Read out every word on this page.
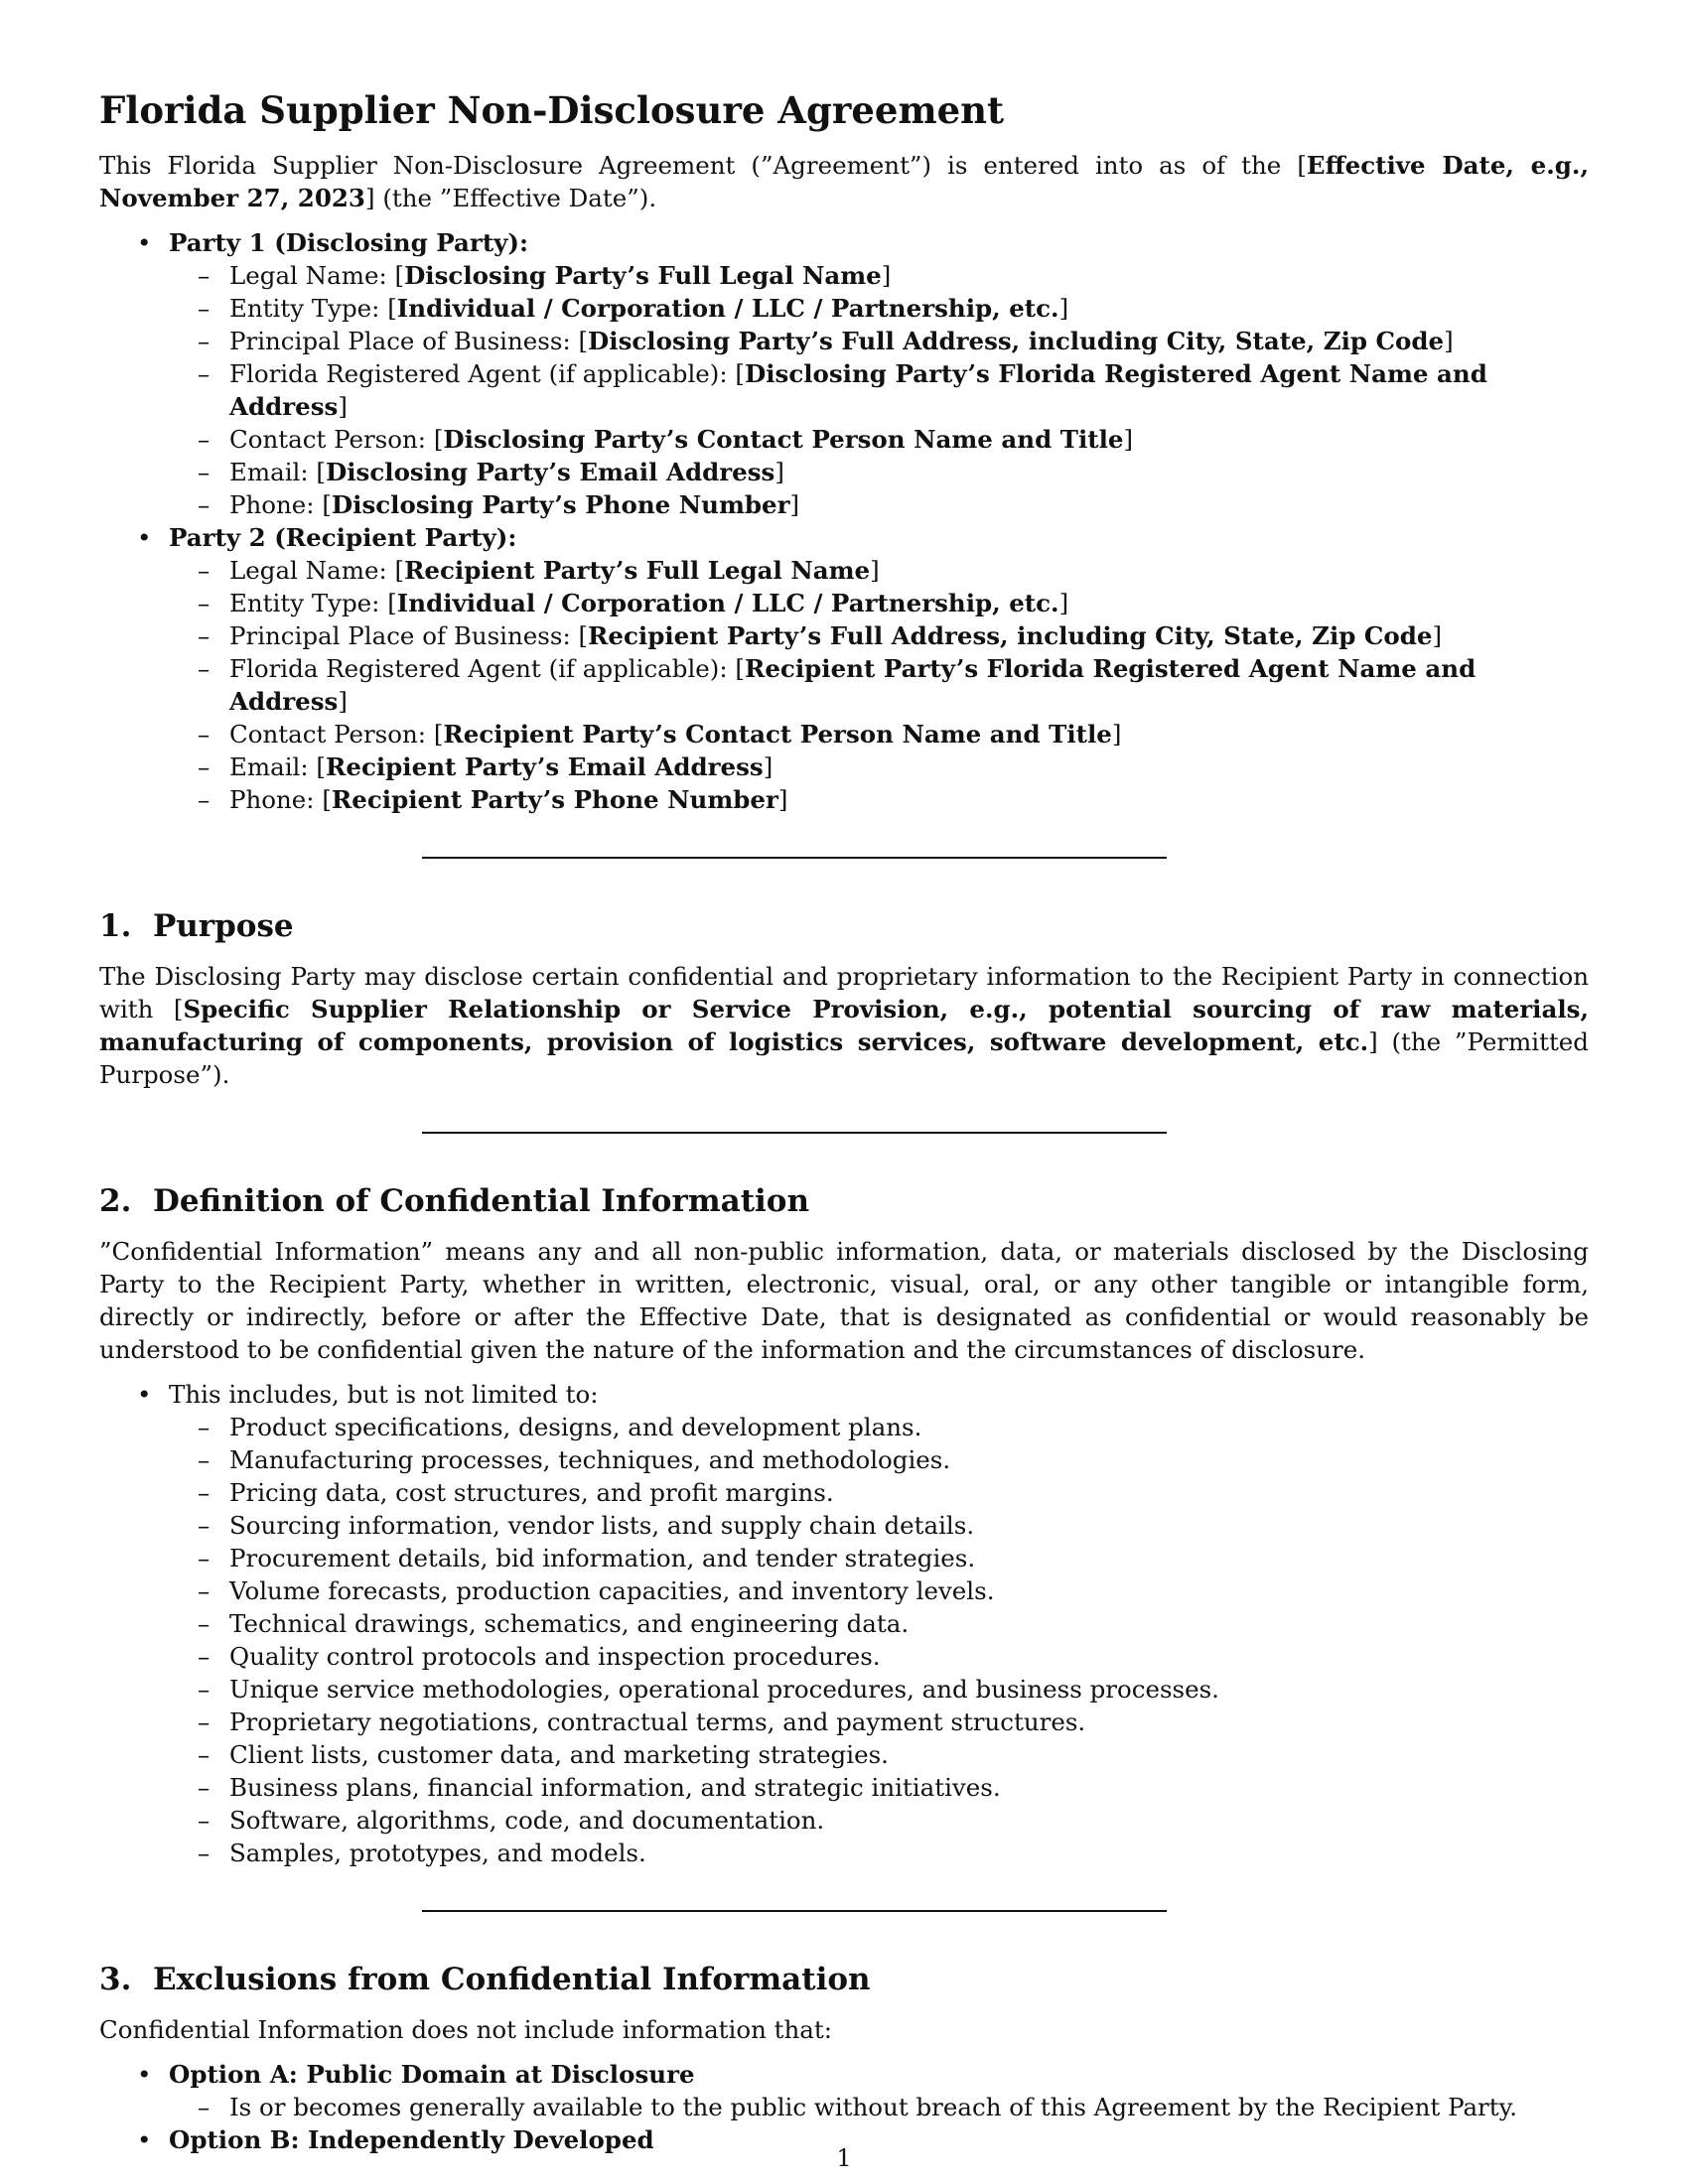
Florida Supplier Non-Disclosure Agreement

This Florida Supplier Non-Disclosure Agreement (”Agreement”) is entered into as of the [Effective Date, e.g., November 27, 2023] (the ”Effective Date”).

• Party 1 (Disclosing Party):
– Legal Name: [Disclosing Party’s Full Legal Name]
– Entity Type: [Individual / Corporation / LLC / Partnership, etc.]
– Principal Place of Business: [Disclosing Party’s Full Address, including City, State, Zip Code]
– Florida Registered Agent (if applicable): [Disclosing Party’s Florida Registered Agent Name and Address]
– Contact Person: [Disclosing Party’s Contact Person Name and Title]
– Email: [Disclosing Party’s Email Address]
– Phone: [Disclosing Party’s Phone Number]
• Party 2 (Recipient Party):
– Legal Name: [Recipient Party’s Full Legal Name]
– Entity Type: [Individual / Corporation / LLC / Partnership, etc.]
– Principal Place of Business: [Recipient Party’s Full Address, including City, State, Zip Code]
– Florida Registered Agent (if applicable): [Recipient Party’s Florida Registered Agent Name and Address]
– Contact Person: [Recipient Party’s Contact Person Name and Title]
– Email: [Recipient Party’s Email Address]
– Phone: [Recipient Party’s Phone Number]
1.  Purpose

The Disclosing Party may disclose certain confidential and proprietary information to the Recipient Party in connection with [Specific Supplier Relationship or Service Provision, e.g., potential sourcing of raw materials, manufacturing of components, provision of logistics services, software development, etc.] (the ”Permitted Purpose”).

2.  Definition of Confidential Information

”Confidential Information” means any and all non-public information, data, or materials disclosed by the Disclosing Party to the Recipient Party, whether in written, electronic, visual, oral, or any other tangible or intangible form, directly or indirectly, before or after the Effective Date, that is designated as confidential or would reasonably be understood to be confidential given the nature of the information and the circumstances of disclosure.

• This includes, but is not limited to:
– Product specifications, designs, and development plans.
– Manufacturing processes, techniques, and methodologies.
– Pricing data, cost structures, and profit margins.
– Sourcing information, vendor lists, and supply chain details.
– Procurement details, bid information, and tender strategies.
– Volume forecasts, production capacities, and inventory levels.
– Technical drawings, schematics, and engineering data.
– Quality control protocols and inspection procedures.
– Unique service methodologies, operational procedures, and business processes.
– Proprietary negotiations, contractual terms, and payment structures.
– Client lists, customer data, and marketing strategies.
– Business plans, financial information, and strategic initiatives.
– Software, algorithms, code, and documentation.
– Samples, prototypes, and models.
3.  Exclusions from Confidential Information

Confidential Information does not include information that:

• Option A: Public Domain at Disclosure
– Is or becomes generally available to the public without breach of this Agreement by the Recipient Party.
• Option B: Independently Developed
1
